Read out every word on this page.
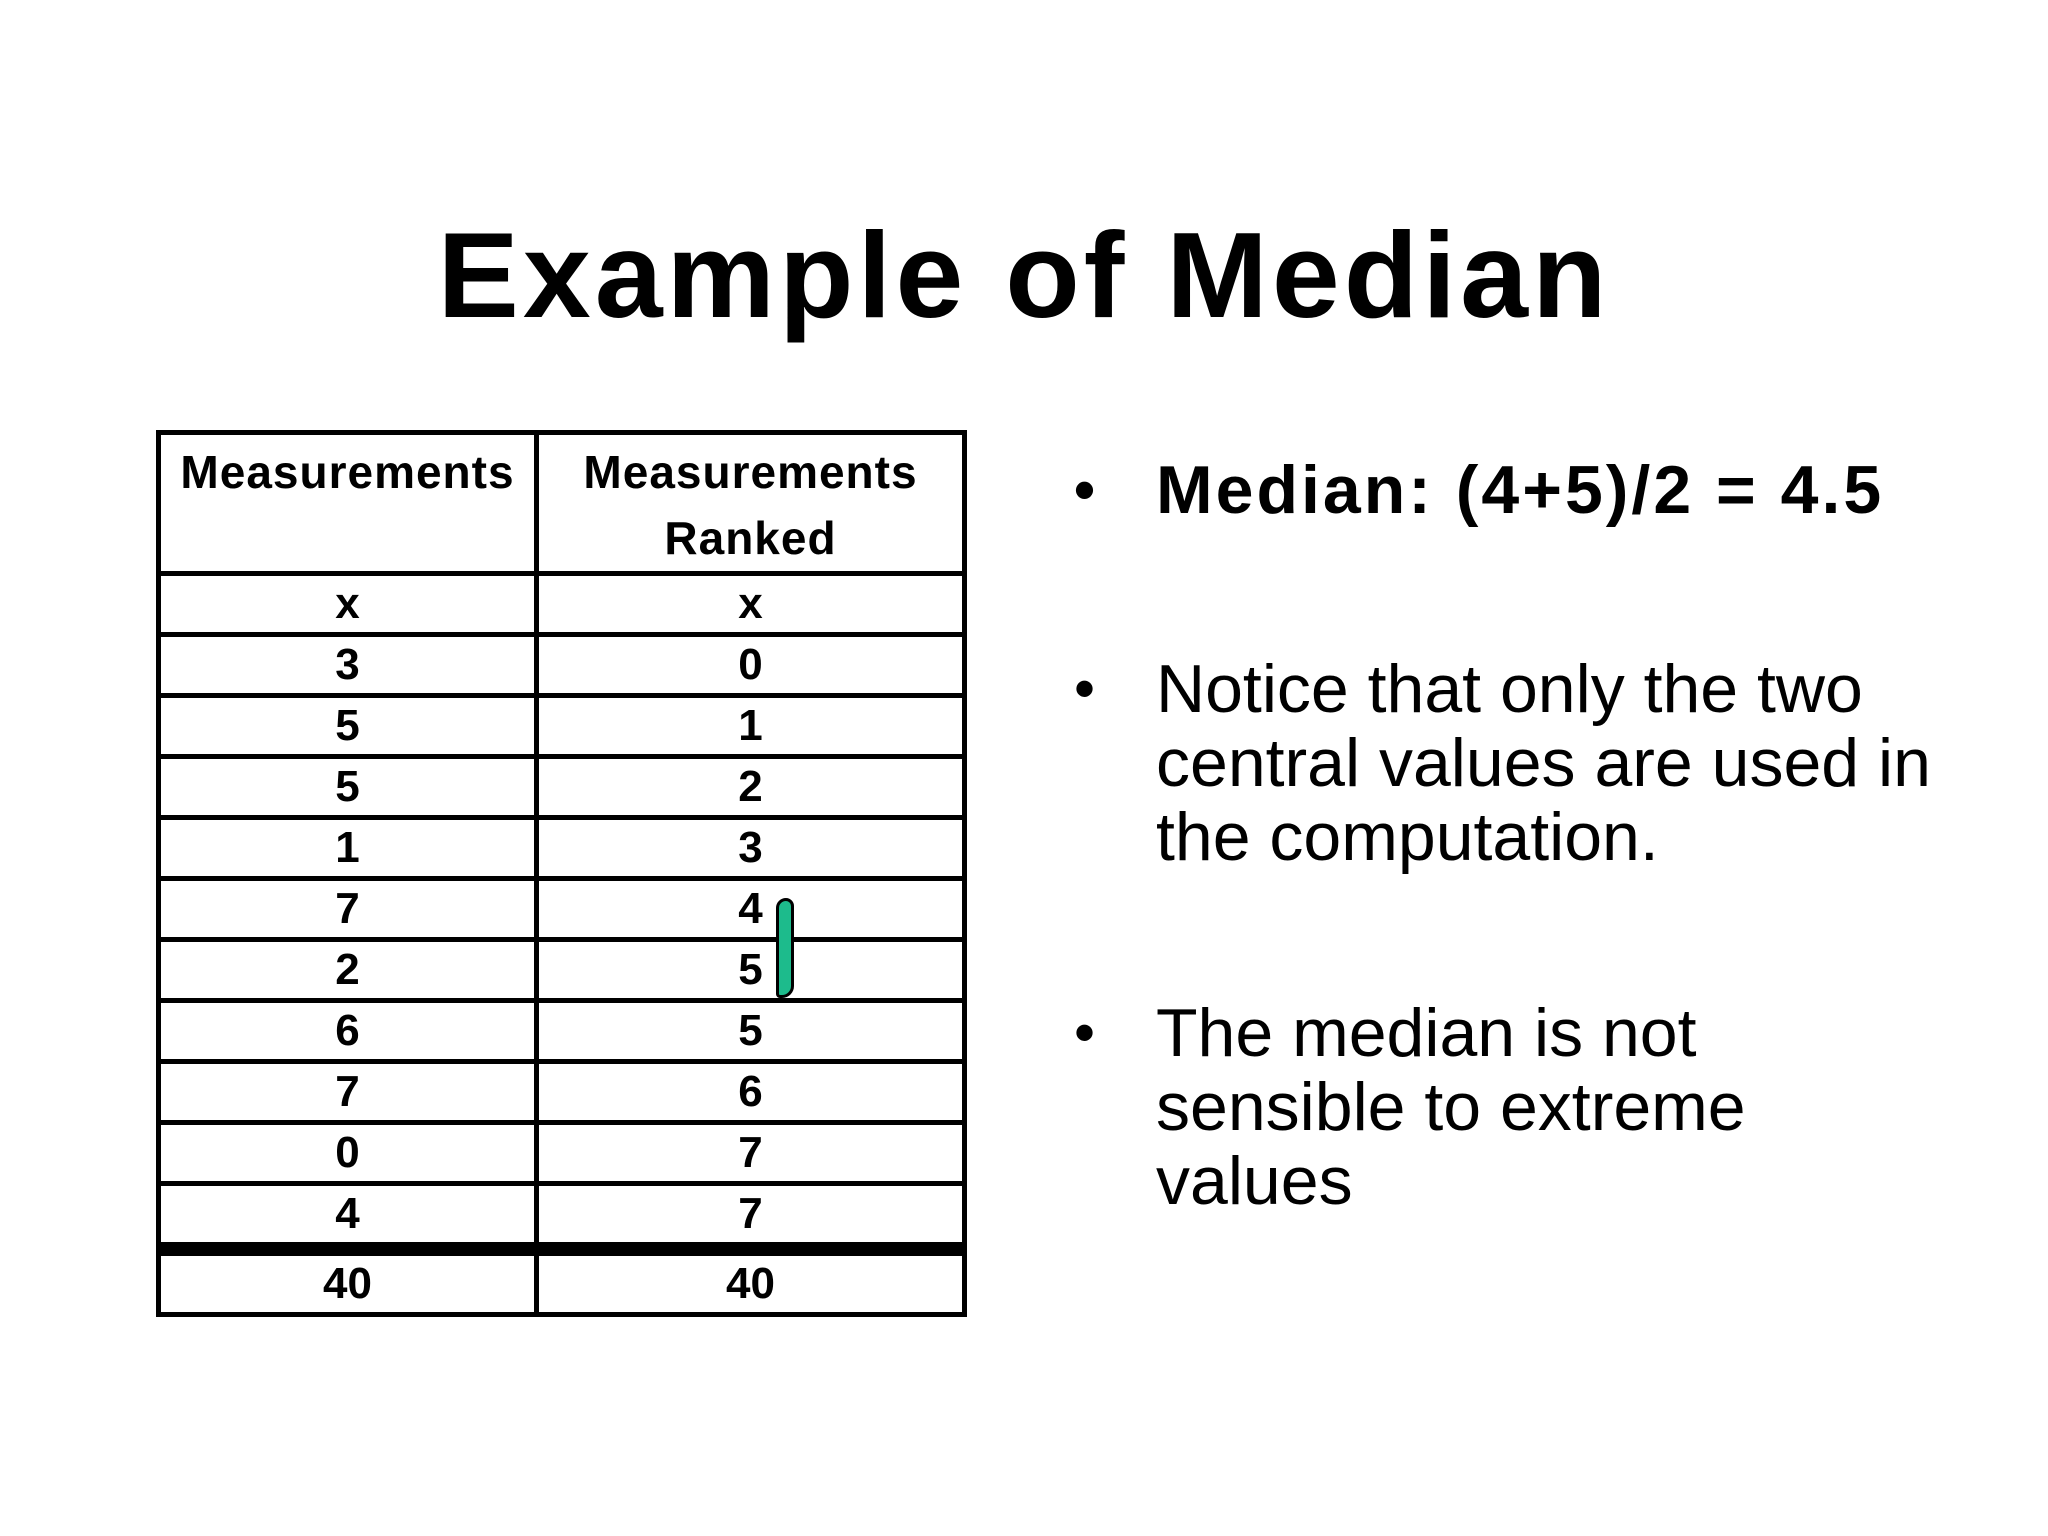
Example of Median
Measurements	Measurements Ranked
x	x
3	0
5	1
5	2
1	3
7	4
2	5
6	5
7	6
0	7
4	7
40	40
• Median: (4+5)/2 = 4.5
• Notice that only the two central values are used in the computation.
• The median is not sensible to extreme values
